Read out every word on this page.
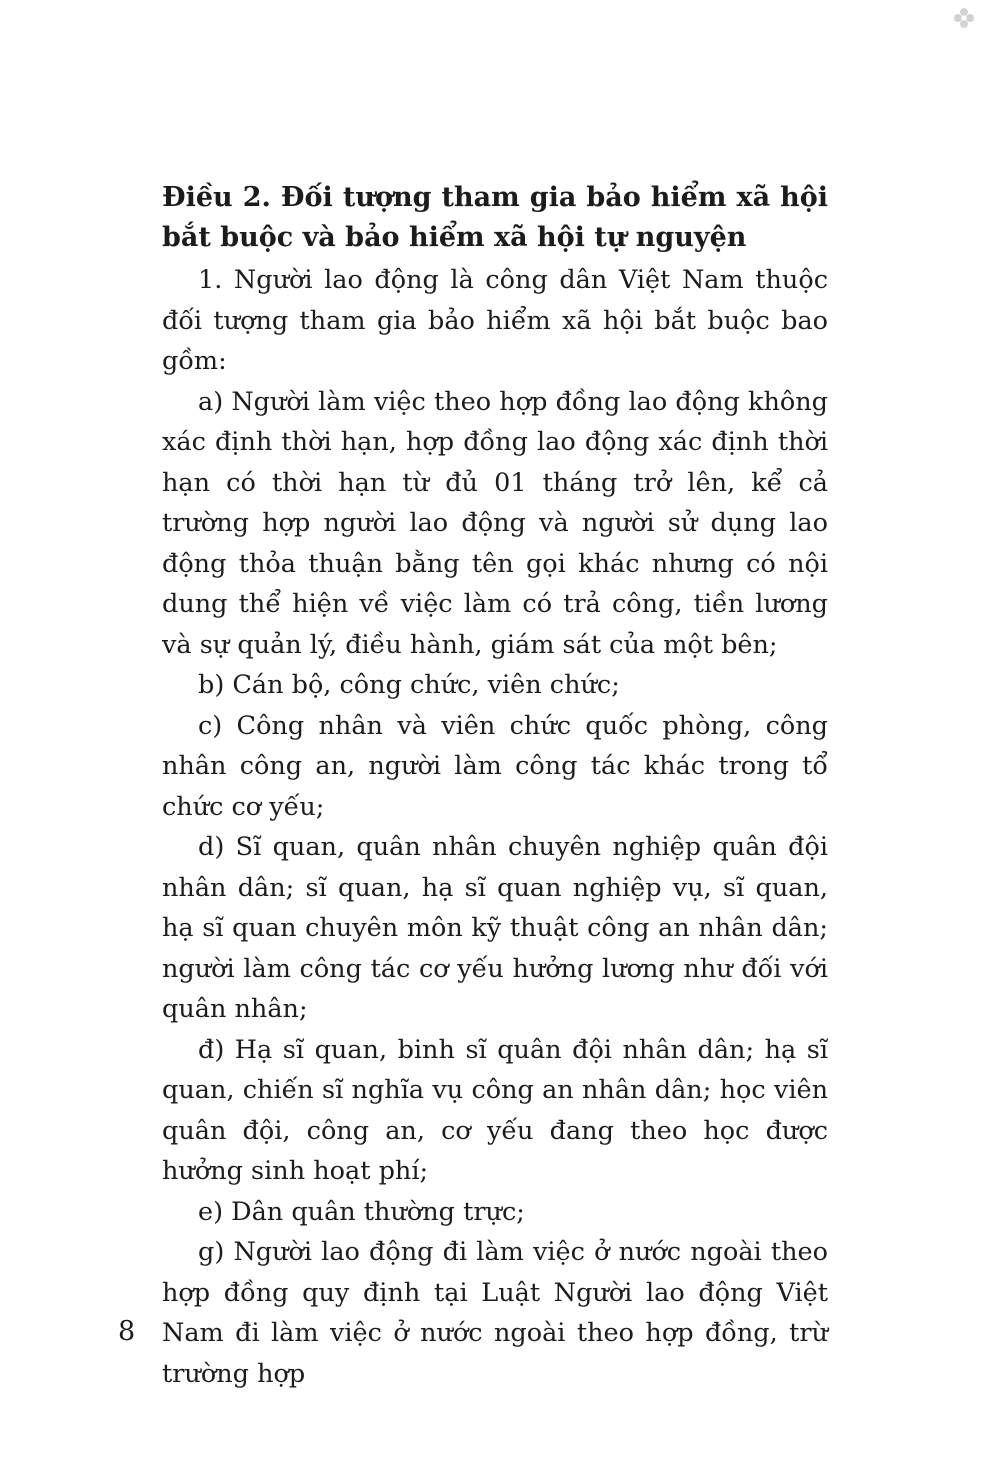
Điều 2. Đối tượng tham gia bảo hiểm xã hội bắt buộc và bảo hiểm xã hội tự nguyện

1. Người lao động là công dân Việt Nam thuộc đối tượng tham gia bảo hiểm xã hội bắt buộc bao gồm:

a) Người làm việc theo hợp đồng lao động không xác định thời hạn, hợp đồng lao động xác định thời hạn có thời hạn từ đủ 01 tháng trở lên, kể cả trường hợp người lao động và người sử dụng lao động thỏa thuận bằng tên gọi khác nhưng có nội dung thể hiện về việc làm có trả công, tiền lương và sự quản lý, điều hành, giám sát của một bên;

b) Cán bộ, công chức, viên chức;

c) Công nhân và viên chức quốc phòng, công nhân công an, người làm công tác khác trong tổ chức cơ yếu;

d) Sĩ quan, quân nhân chuyên nghiệp quân đội nhân dân; sĩ quan, hạ sĩ quan nghiệp vụ, sĩ quan, hạ sĩ quan chuyên môn kỹ thuật công an nhân dân; người làm công tác cơ yếu hưởng lương như đối với quân nhân;

đ) Hạ sĩ quan, binh sĩ quân đội nhân dân; hạ sĩ quan, chiến sĩ nghĩa vụ công an nhân dân; học viên quân đội, công an, cơ yếu đang theo học được hưởng sinh hoạt phí;

e) Dân quân thường trực;

g) Người lao động đi làm việc ở nước ngoài theo hợp đồng quy định tại Luật Người lao động Việt Nam đi làm việc ở nước ngoài theo hợp đồng, trừ trường hợp

8
